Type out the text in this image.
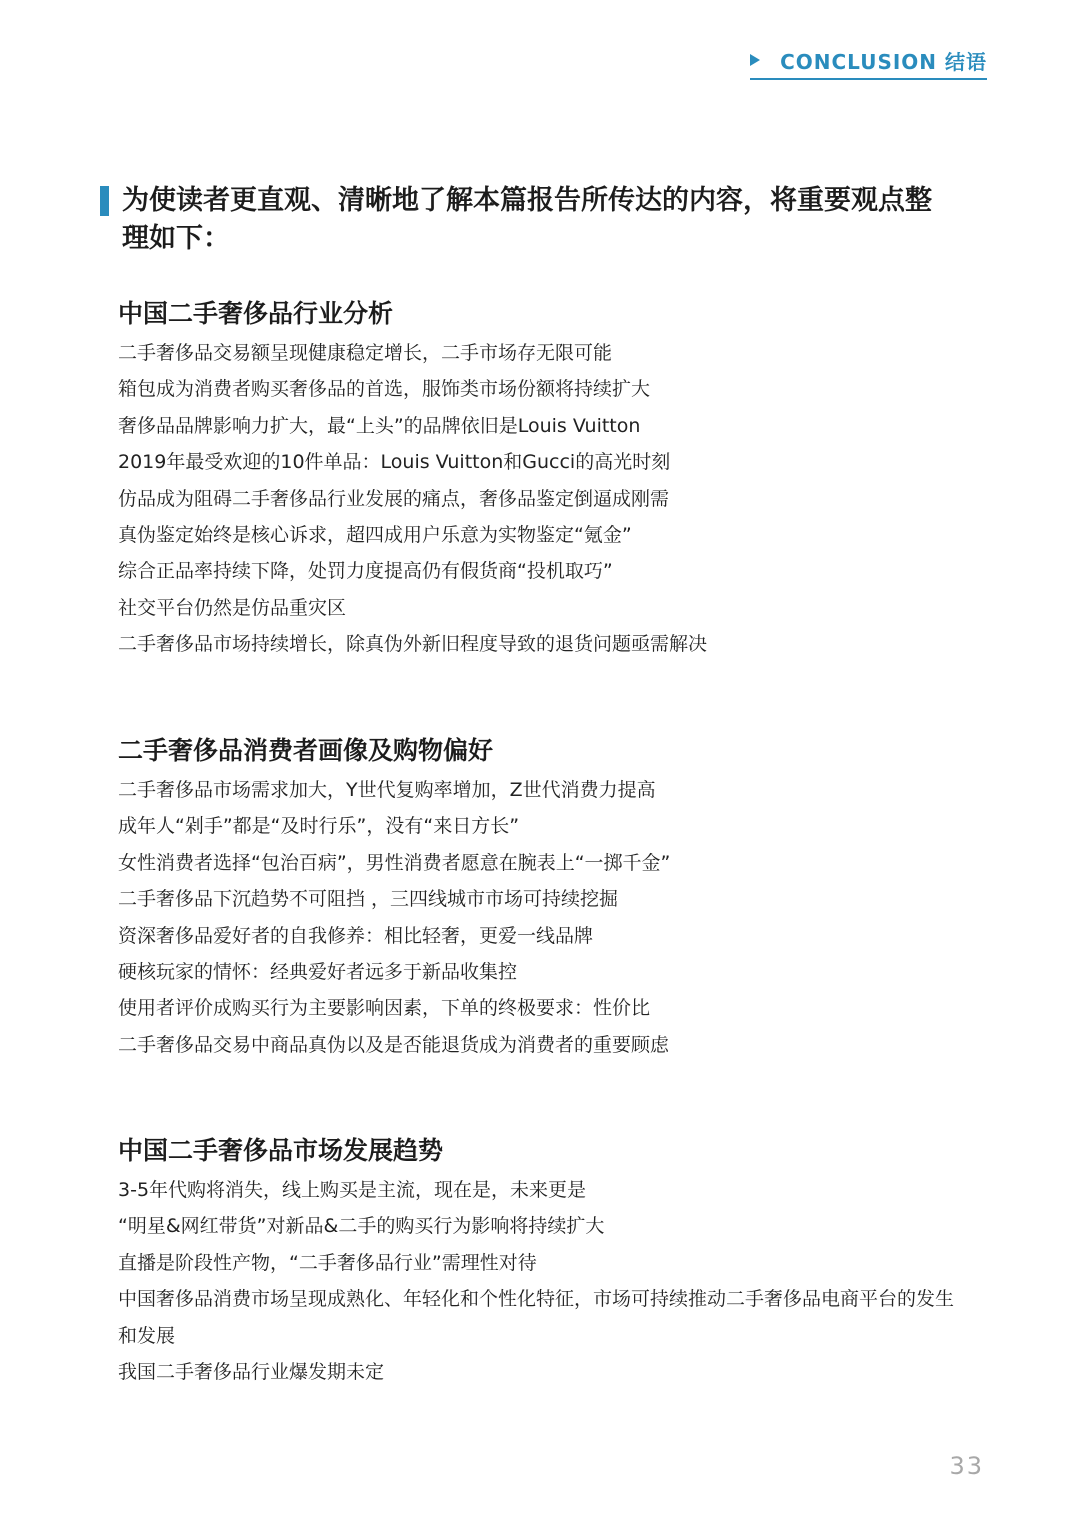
CONCLUSION 结语
为使读者更直观、清晰地了解本篇报告所传达的内容，将重要观点整理如下：
中国二手奢侈品行业分析
二手奢侈品交易额呈现健康稳定增长，二手市场存无限可能
箱包成为消费者购买奢侈品的首选，服饰类市场份额将持续扩大
奢侈品品牌影响力扩大，最“上头”的品牌依旧是Louis Vuitton
2019年最受欢迎的10件单品：Louis Vuitton和Gucci的高光时刻
仿品成为阻碍二手奢侈品行业发展的痛点，奢侈品鉴定倒逼成刚需
真伪鉴定始终是核心诉求，超四成用户乐意为实物鉴定“氪金”
综合正品率持续下降，处罚力度提高仍有假货商“投机取巧”
社交平台仍然是仿品重灾区
二手奢侈品市场持续增长，除真伪外新旧程度导致的退货问题亟需解决
二手奢侈品消费者画像及购物偏好
二手奢侈品市场需求加大，Y世代复购率增加，Z世代消费力提高
成年人“剁手”都是“及时行乐”，没有“来日方长”
女性消费者选择“包治百病”，男性消费者愿意在腕表上“一掷千金”
二手奢侈品下沉趋势不可阻挡 ，三四线城市市场可持续挖掘
资深奢侈品爱好者的自我修养：相比轻奢，更爱一线品牌
硬核玩家的情怀：经典爱好者远多于新品收集控
使用者评价成购买行为主要影响因素，下单的终极要求：性价比
二手奢侈品交易中商品真伪以及是否能退货成为消费者的重要顾虑
中国二手奢侈品市场发展趋势
3-5年代购将消失，线上购买是主流，现在是，未来更是
“明星&网红带货”对新品&二手的购买行为影响将持续扩大
直播是阶段性产物，“二手奢侈品行业”需理性对待
中国奢侈品消费市场呈现成熟化、年轻化和个性化特征，市场可持续推动二手奢侈品电商平台的发生和发展
我国二手奢侈品行业爆发期未定
33
